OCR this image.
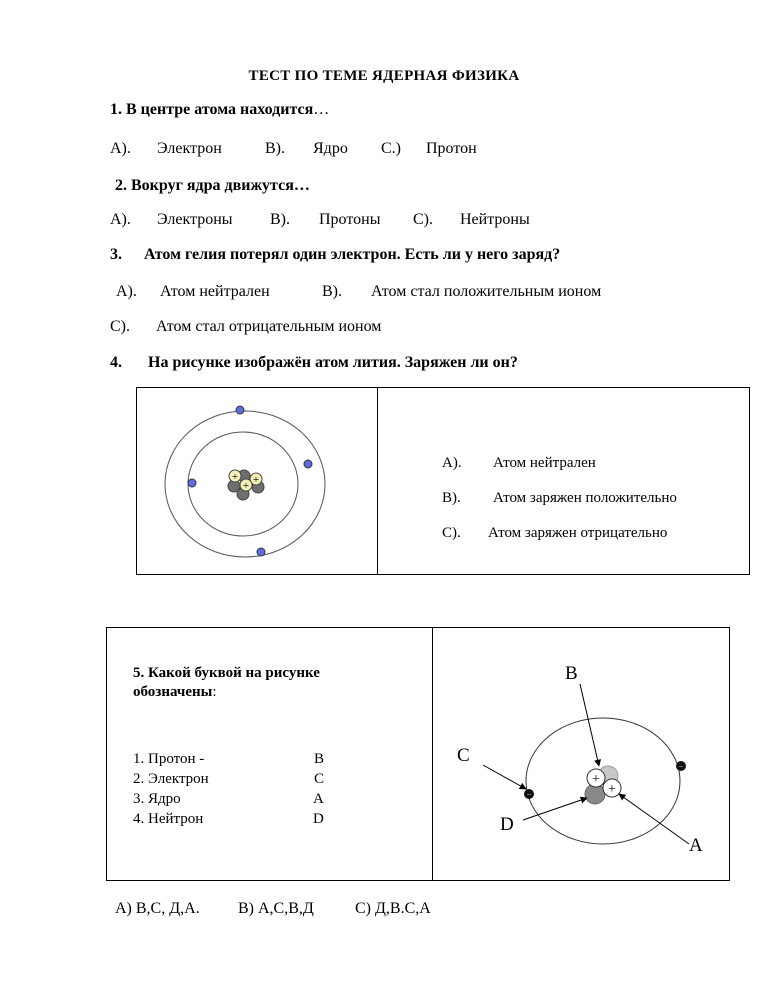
ТЕСТ ПО ТЕМЕ ЯДЕРНАЯ ФИЗИКА
1. В центре атома находится…
А). Электрон	В). Ядро С.) Протон
2. Вокруг ядра движутся…
А). Электроны В). Протоны С). Нейтроны
3. Атом гелия потерял один электрон. Есть ли у него заряд?
А). Атом нейтрален	В). Атом стал положительным ионом
С). Атом стал отрицательным ионом
4. На рисунке изображён атом лития. Заряжен ли он?
+ +
+
А). Атом нейтрален
В). Атом заряжен положительно
С). Атом заряжен отрицательно
5. Какой буквой на рисунке
обозначены:
1. Протон -	В
2. Электрон	С
3. Ядро	А
4. Нейтрон	D
+
+
−
−
B
C
D
A
А) В,С, Д,А. В) А,С,В,Д	С) Д,В.С,А
